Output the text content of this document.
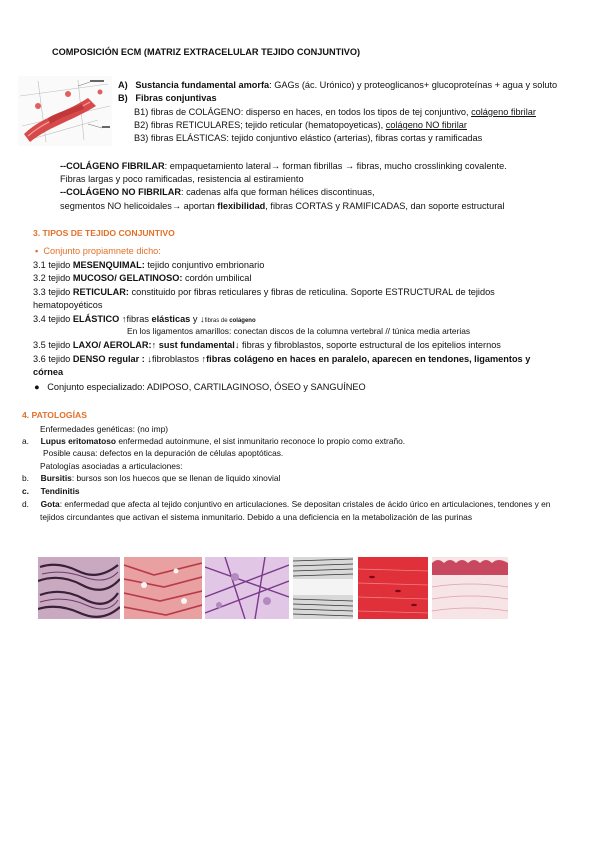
COMPOSICIÓN ECM (MATRIZ EXTRACELULAR TEJIDO CONJUNTIVO)
A) Sustancia fundamental amorfa: GAGs (ác. Urónico) y proteoglicanos+ glucoproteínas + agua y soluto
B) Fibras conjuntivas
B1) fibras de COLÁGENO: disperso en haces, en todos los tipos de tej conjuntivo, colágeno fibrilar
B2) fibras RETICULARES; tejido reticular (hematopoyeticas), colágeno NO fibrilar
B3) fibras ELÁSTICAS: tejido conjuntivo elástico (arterias), fibras cortas y ramificadas
--COLÁGENO FIBRILAR: empaquetamiento lateral→ forman fibrillas → fibras, mucho crosslinking covalente.
Fibras largas y poco ramificadas, resistencia al estiramiento
--COLÁGENO NO FIBRILAR: cadenas alfa que forman hélices discontinuas,
segmentos NO helicoidales→ aportan flexibilidad, fibras CORTAS y RAMIFICADAS, dan soporte estructural
3. TIPOS DE TEJIDO CONJUNTIVO
▪ Conjunto propiamnete dicho:
3.1 tejido MESENQUIMAL: tejido conjuntivo embrionario
3.2 tejido MUCOSO/ GELATINOSO: cordón umbilical
3.3 tejido RETICULAR: constituido por fibras reticulares y fibras de reticulina. Soporte ESTRUCTURAL de tejidos
hematopoyéticos
3.4 tejido ELÁSTICO ↑fibras elásticas y ↓fibras de colágeno
En los ligamentos amarillos: conectan discos de la columna vertebral // túnica media arterias
3.5 tejido LAXO/ AEROLAR:↑ sust fundamental↓ fibras y fibroblastos, soporte estructural de los epitelios internos
3.6 tejido DENSO regular : ↓fibroblastos ↑fibras colágeno en haces en paralelo, aparecen en tendones, ligamentos y
córnea
● Conjunto especializado: ADIPOSO, CARTILAGINOSO, ÓSEO y SANGUÍNEO
4. PATOLOGÍAS
Enfermedades genéticas: (no imp)
a. Lupus eritomatoso enfermedad autoinmune, el sist inmunitario reconoce lo propio como extraño.
Posible causa: defectos en la depuración de células apoptóticas.
Patologías asociadas a articulaciones:
b. Bursitis: bursos son los huecos que se llenan de liquido xinovial
c. Tendinitis
d. Gota: enfermedad que afecta al tejido conjuntivo en articulaciones. Se depositan cristales de ácido úrico en articulaciones, tendones y en
tejidos circundantes que activan el sistema inmunitario. Debido a una deficiencia en la metabolización de las purinas
